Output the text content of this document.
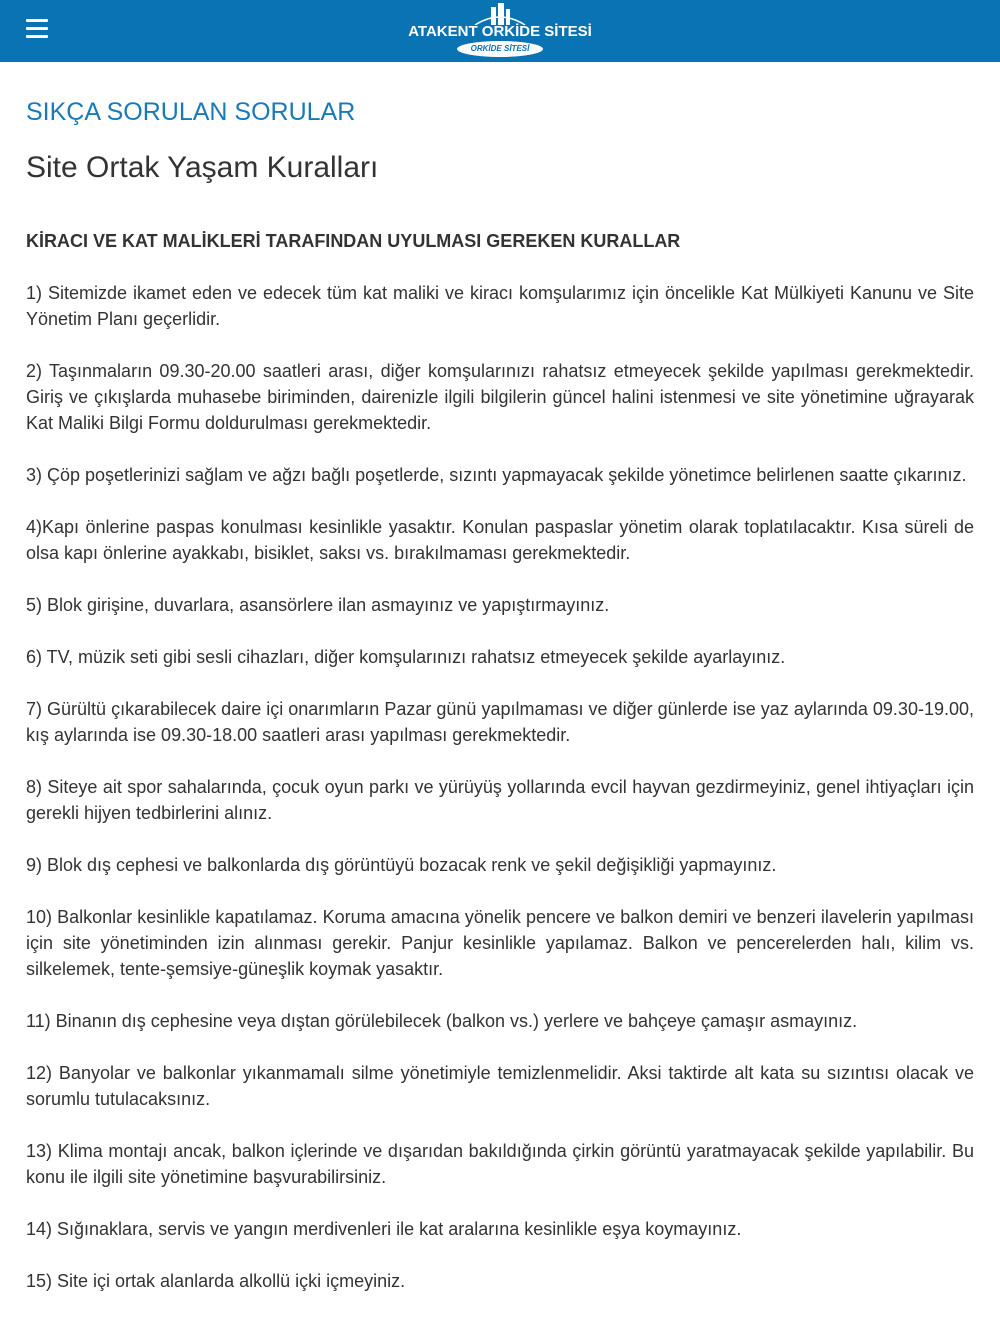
ATAKENT ORKİDE SİTESİ
ORKİDE SİTESİ
SIKÇA SORULAN SORULAR
Site Ortak Yaşam Kuralları
KİRACI VE KAT MALİKLERİ TARAFINDAN UYULMASI GEREKEN KURALLAR

1) Sitemizde ikamet eden ve edecek tüm kat maliki ve kiracı komşularımız için öncelikle Kat Mülkiyeti Kanunu ve Site Yönetim Planı geçerlidir.

2) Taşınmaların 09.30-20.00 saatleri arası, diğer komşularınızı rahatsız etmeyecek şekilde yapılması gerekmektedir. Giriş ve çıkışlarda muhasebe biriminden, dairenizle ilgili bilgilerin güncel halini istenmesi ve site yönetimine uğrayarak Kat Maliki Bilgi Formu doldurulması gerekmektedir.

3) Çöp poşetlerinizi sağlam ve ağzı bağlı poşetlerde, sızıntı yapmayacak şekilde yönetimce belirlenen saatte çıkarınız.

4)Kapı önlerine paspas konulması kesinlikle yasaktır. Konulan paspaslar yönetim olarak toplatılacaktır. Kısa süreli de olsa kapı önlerine ayakkabı, bisiklet, saksı vs. bırakılmaması gerekmektedir.

5) Blok girişine, duvarlara, asansörlere ilan asmayınız ve yapıştırmayınız.

6) TV, müzik seti gibi sesli cihazları, diğer komşularınızı rahatsız etmeyecek şekilde ayarlayınız.

7) Gürültü çıkarabilecek daire içi onarımların Pazar günü yapılmaması ve diğer günlerde ise yaz aylarında 09.30-19.00, kış aylarında ise 09.30-18.00 saatleri arası yapılması gerekmektedir.

8) Siteye ait spor sahalarında, çocuk oyun parkı ve yürüyüş yollarında evcil hayvan gezdirmeyiniz, genel ihtiyaçları için gerekli hijyen tedbirlerini alınız.

9) Blok dış cephesi ve balkonlarda dış görüntüyü bozacak renk ve şekil değişikliği yapmayınız.

10) Balkonlar kesinlikle kapatılamaz. Koruma amacına yönelik pencere ve balkon demiri ve benzeri ilavelerin yapılması için site yönetiminden izin alınması gerekir. Panjur kesinlikle yapılamaz. Balkon ve pencerelerden halı, kilim vs. silkelemek, tente-şemsiye-güneşlik koymak yasaktır.

11) Binanın dış cephesine veya dıştan görülebilecek (balkon vs.) yerlere ve bahçeye çamaşır asmayınız.

12) Banyolar ve balkonlar yıkanmamalı silme yönetimiyle temizlenmelidir. Aksi taktirde alt kata su sızıntısı olacak ve sorumlu tutulacaksınız.

13) Klima montajı ancak, balkon içlerinde ve dışarıdan bakıldığında çirkin görüntü yaratmayacak şekilde yapılabilir. Bu konu ile ilgili site yönetimine başvurabilirsiniz.

14) Sığınaklara, servis ve yangın merdivenleri ile kat aralarına kesinlikle eşya koymayınız.

15) Site içi ortak alanlarda alkollü içki içmeyiniz.
